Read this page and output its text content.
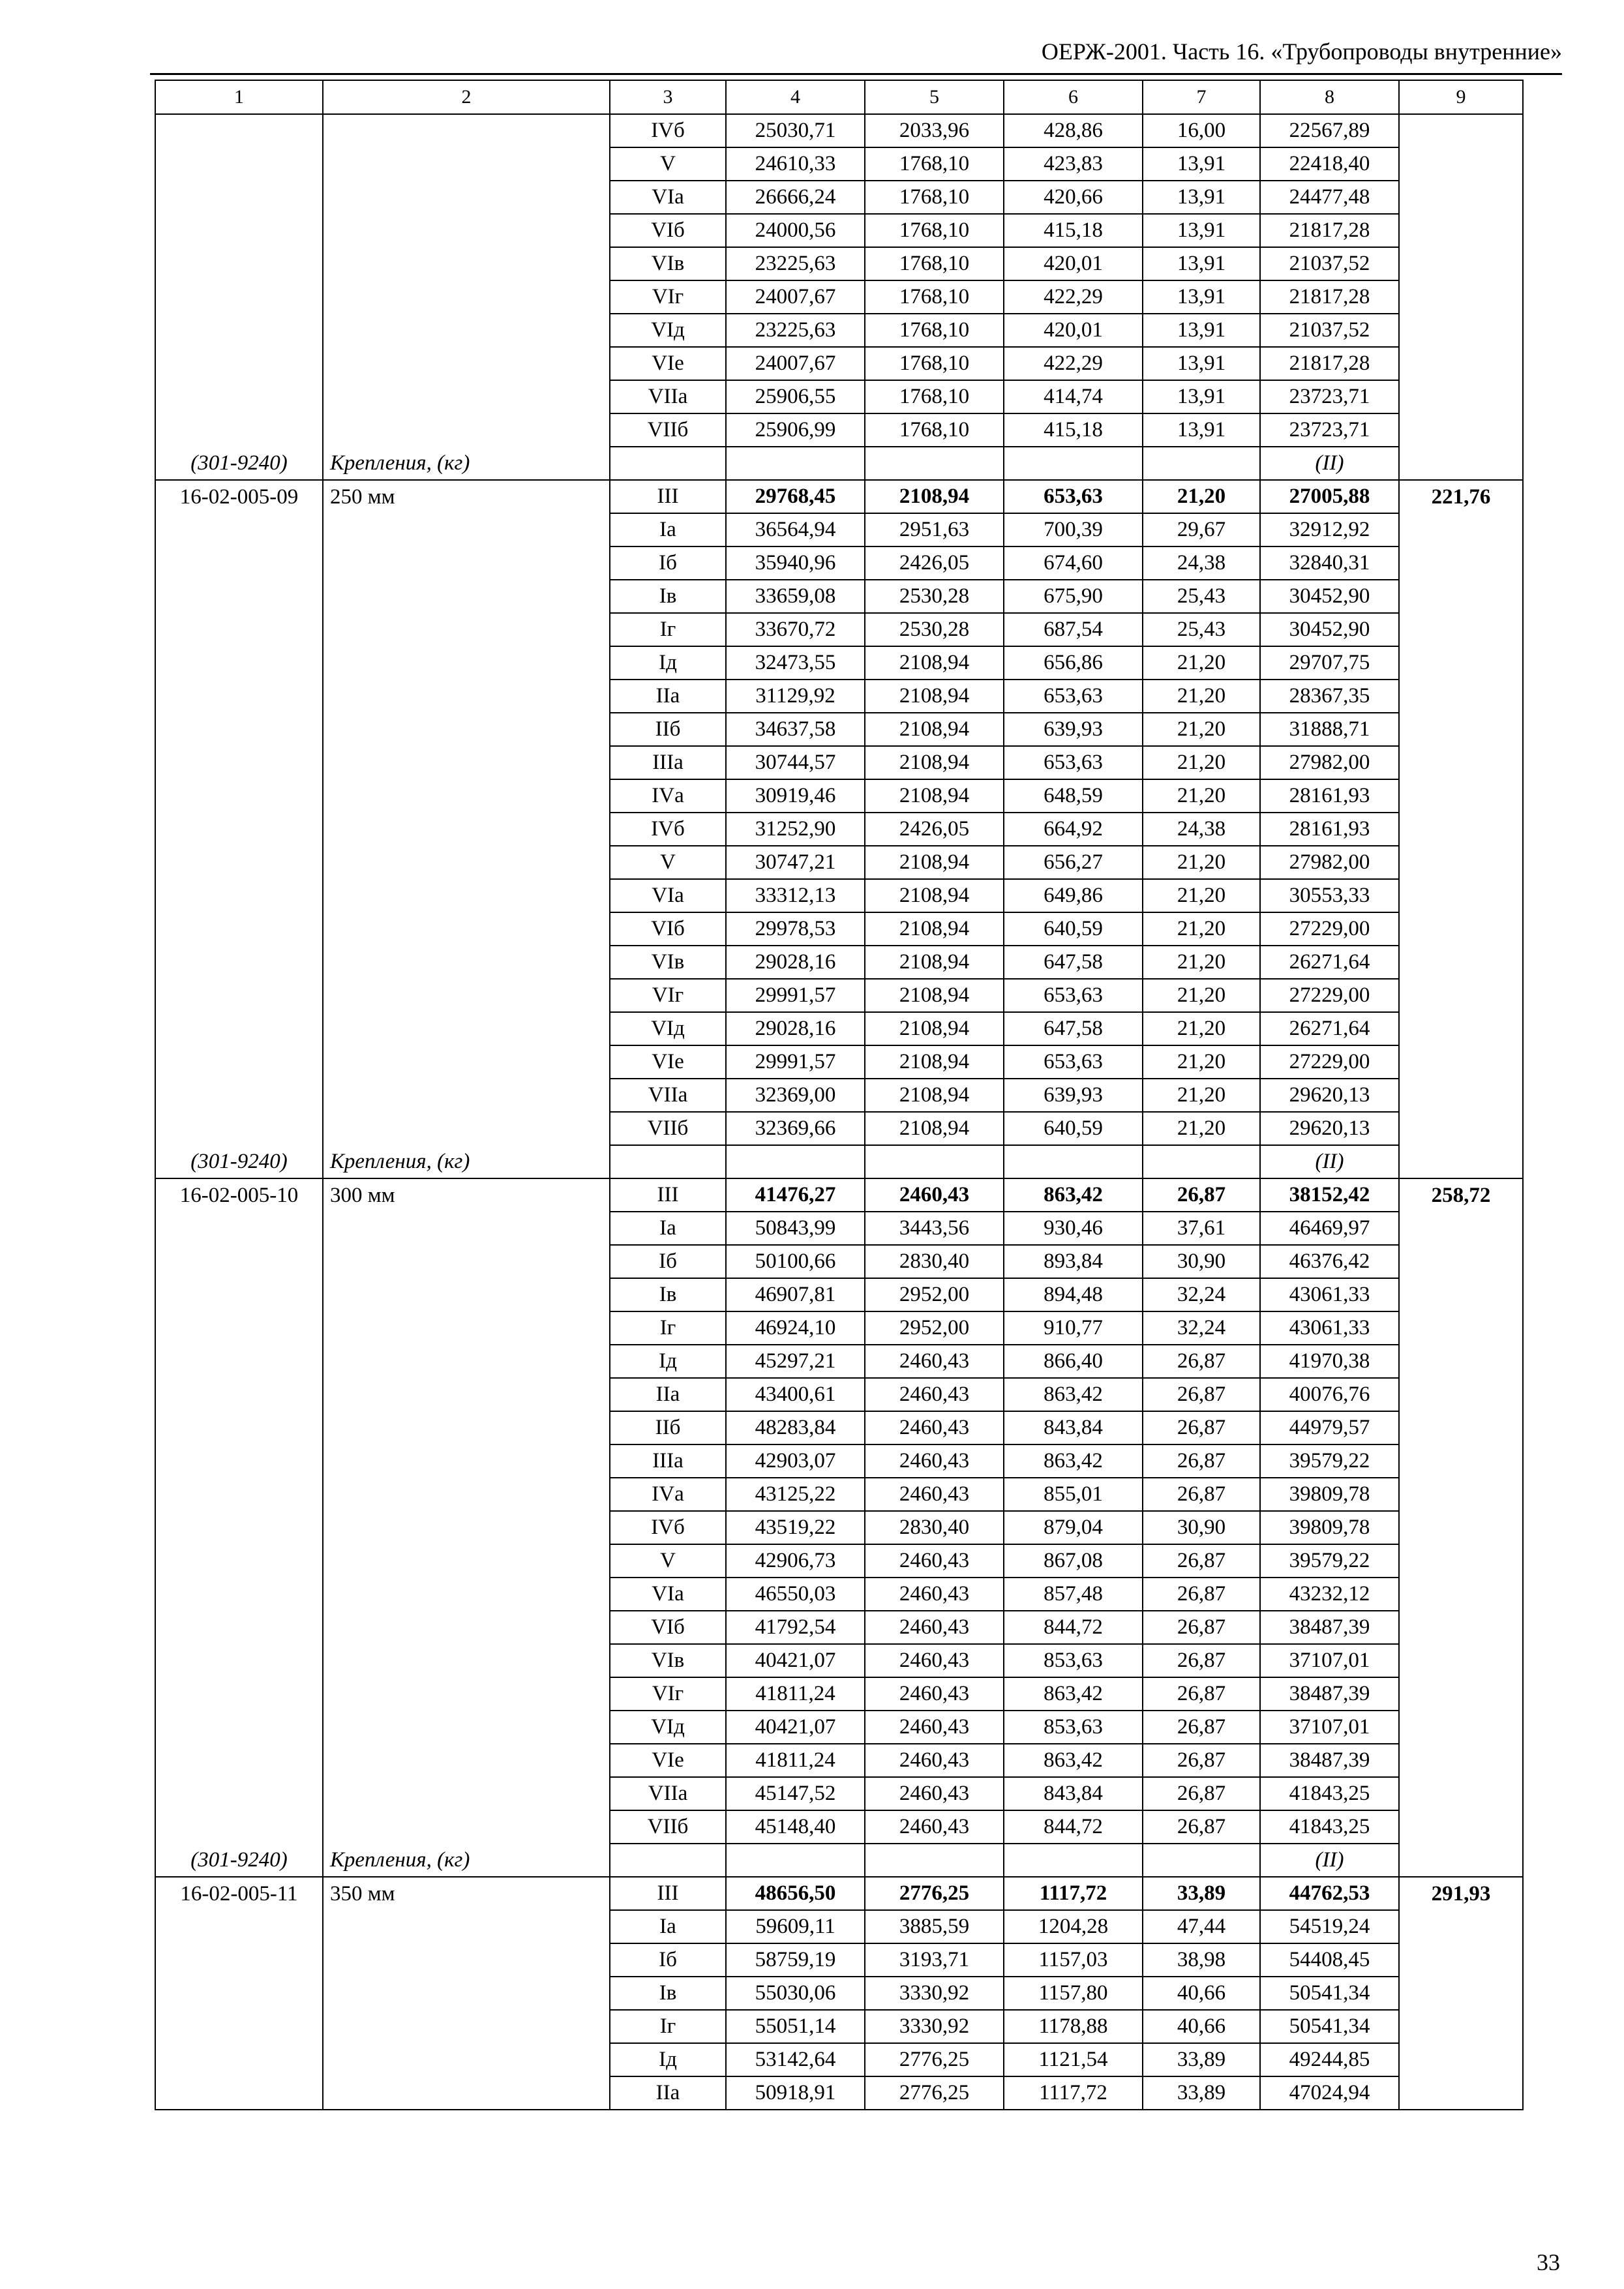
ОЕРЖ-2001. Часть 16. «Трубопроводы внутренние»
1	2	3	4	5	6	7	8	9
		IVб	25030,71	2033,96	428,86	16,00	22567,89	
		V	24610,33	1768,10	423,83	13,91	22418,40	
		VIа	26666,24	1768,10	420,66	13,91	24477,48	
		VIб	24000,56	1768,10	415,18	13,91	21817,28	
		VIв	23225,63	1768,10	420,01	13,91	21037,52	
		VIг	24007,67	1768,10	422,29	13,91	21817,28	
		VIд	23225,63	1768,10	420,01	13,91	21037,52	
		VIе	24007,67	1768,10	422,29	13,91	21817,28	
		VIIа	25906,55	1768,10	414,74	13,91	23723,71	
		VIIб	25906,99	1768,10	415,18	13,91	23723,71	
(301-9240)	Крепления, (кг)						(II)	
16-02-005-09	250 мм	III	29768,45	2108,94	653,63	21,20	27005,88	221,76
		Iа	36564,94	2951,63	700,39	29,67	32912,92	
		Iб	35940,96	2426,05	674,60	24,38	32840,31	
		Iв	33659,08	2530,28	675,90	25,43	30452,90	
		Iг	33670,72	2530,28	687,54	25,43	30452,90	
		Iд	32473,55	2108,94	656,86	21,20	29707,75	
		IIа	31129,92	2108,94	653,63	21,20	28367,35	
		IIб	34637,58	2108,94	639,93	21,20	31888,71	
		IIIа	30744,57	2108,94	653,63	21,20	27982,00	
		IVа	30919,46	2108,94	648,59	21,20	28161,93	
		IVб	31252,90	2426,05	664,92	24,38	28161,93	
		V	30747,21	2108,94	656,27	21,20	27982,00	
		VIа	33312,13	2108,94	649,86	21,20	30553,33	
		VIб	29978,53	2108,94	640,59	21,20	27229,00	
		VIв	29028,16	2108,94	647,58	21,20	26271,64	
		VIг	29991,57	2108,94	653,63	21,20	27229,00	
		VIд	29028,16	2108,94	647,58	21,20	26271,64	
		VIе	29991,57	2108,94	653,63	21,20	27229,00	
		VIIа	32369,00	2108,94	639,93	21,20	29620,13	
		VIIб	32369,66	2108,94	640,59	21,20	29620,13	
(301-9240)	Крепления, (кг)						(II)	
16-02-005-10	300 мм	III	41476,27	2460,43	863,42	26,87	38152,42	258,72
		Iа	50843,99	3443,56	930,46	37,61	46469,97	
		Iб	50100,66	2830,40	893,84	30,90	46376,42	
		Iв	46907,81	2952,00	894,48	32,24	43061,33	
		Iг	46924,10	2952,00	910,77	32,24	43061,33	
		Iд	45297,21	2460,43	866,40	26,87	41970,38	
		IIа	43400,61	2460,43	863,42	26,87	40076,76	
		IIб	48283,84	2460,43	843,84	26,87	44979,57	
		IIIа	42903,07	2460,43	863,42	26,87	39579,22	
		IVа	43125,22	2460,43	855,01	26,87	39809,78	
		IVб	43519,22	2830,40	879,04	30,90	39809,78	
		V	42906,73	2460,43	867,08	26,87	39579,22	
		VIа	46550,03	2460,43	857,48	26,87	43232,12	
		VIб	41792,54	2460,43	844,72	26,87	38487,39	
		VIв	40421,07	2460,43	853,63	26,87	37107,01	
		VIг	41811,24	2460,43	863,42	26,87	38487,39	
		VIд	40421,07	2460,43	853,63	26,87	37107,01	
		VIе	41811,24	2460,43	863,42	26,87	38487,39	
		VIIа	45147,52	2460,43	843,84	26,87	41843,25	
		VIIб	45148,40	2460,43	844,72	26,87	41843,25	
(301-9240)	Крепления, (кг)						(II)	
16-02-005-11	350 мм	III	48656,50	2776,25	1117,72	33,89	44762,53	291,93
		Iа	59609,11	3885,59	1204,28	47,44	54519,24	
		Iб	58759,19	3193,71	1157,03	38,98	54408,45	
		Iв	55030,06	3330,92	1157,80	40,66	50541,34	
		Iг	55051,14	3330,92	1178,88	40,66	50541,34	
		Iд	53142,64	2776,25	1121,54	33,89	49244,85	
		IIа	50918,91	2776,25	1117,72	33,89	47024,94	
33
